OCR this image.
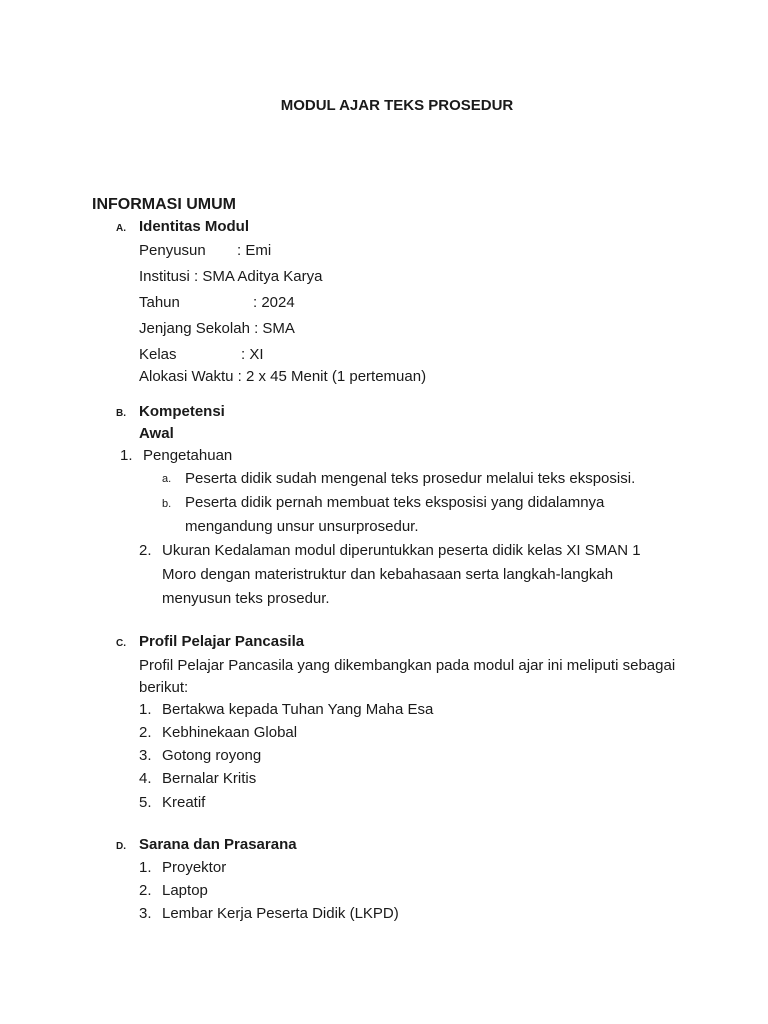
MODUL AJAR TEKS PROSEDUR
INFORMASI UMUM
A. Identitas Modul
Penyusun : Emi
Institusi : SMA Aditya Karya
Tahun	: 2024
Jenjang Sekolah : SMA
Kelas	: XI
Alokasi Waktu : 2 x 45 Menit (1 pertemuan)
B. Kompetensi
Awal
1. Pengetahuan
a. Peserta didik sudah mengenal teks prosedur melalui teks eksposisi.
b. Peserta didik pernah membuat teks eksposisi yang didalamnya
mengandung unsur unsurprosedur.
2. Ukuran Kedalaman modul diperuntukkan peserta didik kelas XI SMAN 1
Moro dengan materistruktur dan kebahasaan serta langkah-langkah
menyusun teks prosedur.
C. Profil Pelajar Pancasila
Profil Pelajar Pancasila yang dikembangkan pada modul ajar ini meliputi sebagai
berikut:
1. Bertakwa kepada Tuhan Yang Maha Esa
2. Kebhinekaan Global
3. Gotong royong
4. Bernalar Kritis
5. Kreatif
D. Sarana dan Prasarana
1. Proyektor
2. Laptop
3. Lembar Kerja Peserta Didik (LKPD)
